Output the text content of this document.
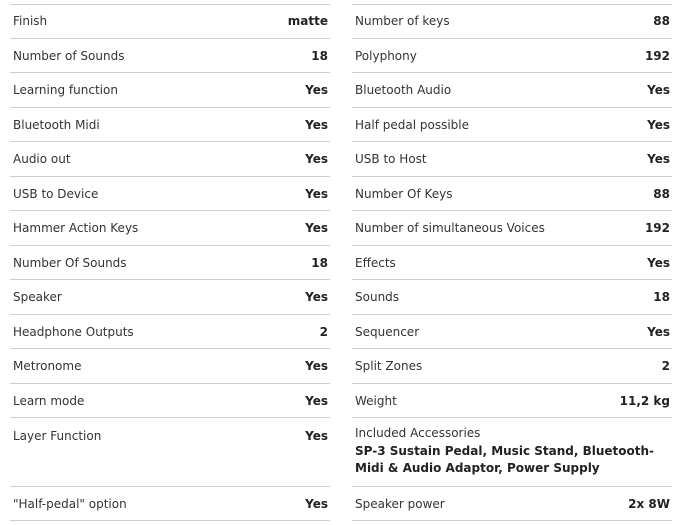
Finish	matte
Number of Sounds	18
Learning function	Yes
Bluetooth Midi	Yes
Audio out	Yes
USB to Device	Yes
Hammer Action Keys	Yes
Number Of Sounds	18
Speaker	Yes
Headphone Outputs	2
Metronome	Yes
Learn mode	Yes
Layer Function	Yes
"Half-pedal" option	Yes
Number of keys	88
Polyphony	192
Bluetooth Audio	Yes
Half pedal possible	Yes
USB to Host	Yes
Number Of Keys	88
Number of simultaneous Voices	192
Effects	Yes
Sounds	18
Sequencer	Yes
Split Zones	2
Weight	11,2 kg
Included Accessories
SP-3 Sustain Pedal, Music Stand, Bluetooth-Midi & Audio Adaptor, Power Supply
Speaker power	2x 8W
